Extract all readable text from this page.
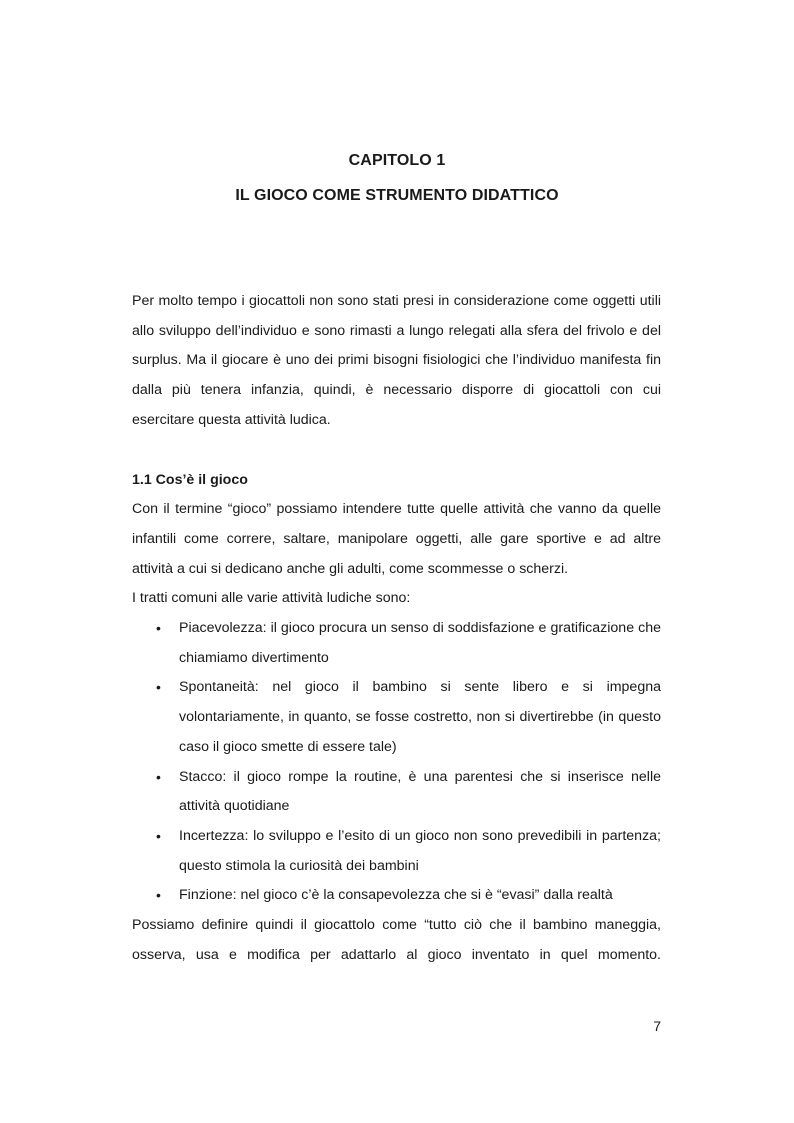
CAPITOLO 1
IL GIOCO COME STRUMENTO DIDATTICO

Per molto tempo i giocattoli non sono stati presi in considerazione come oggetti utili allo sviluppo dell’individuo e sono rimasti a lungo relegati alla sfera del frivolo e del surplus. Ma il giocare è uno dei primi bisogni fisiologici che l’individuo manifesta fin dalla più tenera infanzia, quindi, è necessario disporre di giocattoli con cui esercitare questa attività ludica.

1.1 Cos’è il gioco

Con il termine “gioco” possiamo intendere tutte quelle attività che vanno da quelle infantili come correre, saltare, manipolare oggetti, alle gare sportive e ad altre attività a cui si dedicano anche gli adulti, come scommesse o scherzi.

I tratti comuni alle varie attività ludiche sono:

• Piacevolezza: il gioco procura un senso di soddisfazione e gratificazione che chiamiamo divertimento
• Spontaneità: nel gioco il bambino si sente libero e si impegna volontariamente, in quanto, se fosse costretto, non si divertirebbe (in questo caso il gioco smette di essere tale)
• Stacco: il gioco rompe la routine, è una parentesi che si inserisce nelle attività quotidiane
• Incertezza: lo sviluppo e l’esito di un gioco non sono prevedibili in partenza; questo stimola la curiosità dei bambini
• Finzione: nel gioco c’è la consapevolezza che si è “evasi” dalla realtà

Possiamo definire quindi il giocattolo come “tutto ciò che il bambino maneggia, osserva, usa e modifica per adattarlo al gioco inventato in quel momento.

7
